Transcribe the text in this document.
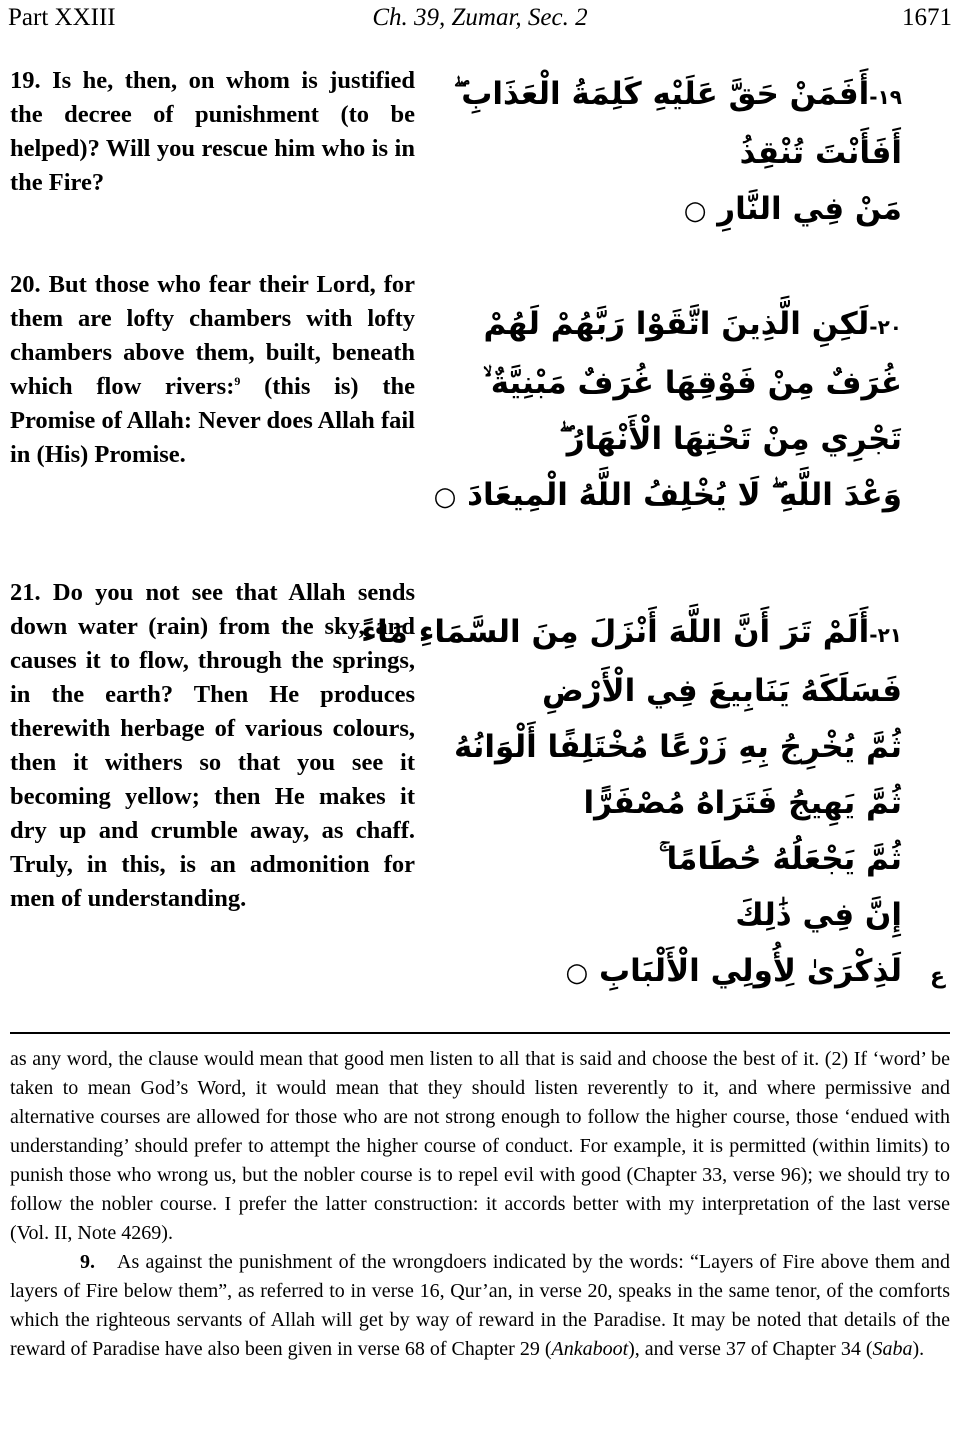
Part XXIII	Ch. 39, Zumar, Sec. 2	1671
19. Is he, then, on whom is justified the decree of punishment (to be helped)? Will you rescue him who is in the Fire?
١٩-أَفَمَنْ حَقَّ عَلَيْهِ كَلِمَةُ الْعَذَابِ ۖ
أَفَأَنْتَ تُنْقِذُ
مَنْ فِي النَّارِ ○
20. But those who fear their Lord, for them are lofty chambers with lofty chambers above them, built, beneath which flow rivers:$^9$ (this is) the Promise of Allah: Never does Allah fail in (His) Promise.
٢٠-لَكِنِ الَّذِينَ اتَّقَوْا رَبَّهُمْ لَهُمْ
غُرَفٌ مِنْ فَوْقِهَا غُرَفٌ مَبْنِيَّةٌ ۙ
تَجْرِي مِنْ تَحْتِهَا الْأَنْهَارُ ۖ
وَعْدَ اللَّهِ ۖ لَا يُخْلِفُ اللَّهُ الْمِيعَادَ ○
21. Do you not see that Allah sends down water (rain) from the sky, and causes it to flow, through the springs, in the earth? Then He produces therewith herbage of various colours, then it withers so that you see it becoming yellow; then He makes it dry up and crumble away, as chaff. Truly, in this, is an admonition for men of understanding.
٢١-أَلَمْ تَرَ أَنَّ اللَّهَ أَنْزَلَ مِنَ السَّمَاءِ مَاءً
فَسَلَكَهُ يَنَابِيعَ فِي الْأَرْضِ
ثُمَّ يُخْرِجُ بِهِ زَرْعًا مُخْتَلِفًا أَلْوَانُهُ
ثُمَّ يَهِيجُ فَتَرَاهُ مُصْفَرًّا
ثُمَّ يَجْعَلُهُ حُطَامًا ۚ
إِنَّ فِي ذَٰلِكَ
لَذِكْرَىٰ لِأُولِي الْأَلْبَابِ ○	ع

as any word, the clause would mean that good men listen to all that is said and choose the best of it. (2) If ‘word’ be taken to mean God’s Word, it would mean that they should listen reverently to it, and where permissive and alternative courses are allowed for those who are not strong enough to follow the higher course, those ‘endued with understanding’ should prefer to attempt the higher course of conduct. For example, it is permitted (within limits) to punish those who wrong us, but the nobler course is to repel evil with good (Chapter 33, verse 96); we should try to follow the nobler course. I prefer the latter construction: it accords better with my interpretation of the last verse (Vol. II, Note 4269).

9. As against the punishment of the wrongdoers indicated by the words: “Layers of Fire above them and layers of Fire below them”, as referred to in verse 16, Qur’an, in verse 20, speaks in the same tenor, of the comforts which the righteous servants of Allah will get by way of reward in the Paradise. It may be noted that details of the reward of Paradise have also been given in verse 68 of Chapter 29 (Ankaboot), and verse 37 of Chapter 34 (Saba).
